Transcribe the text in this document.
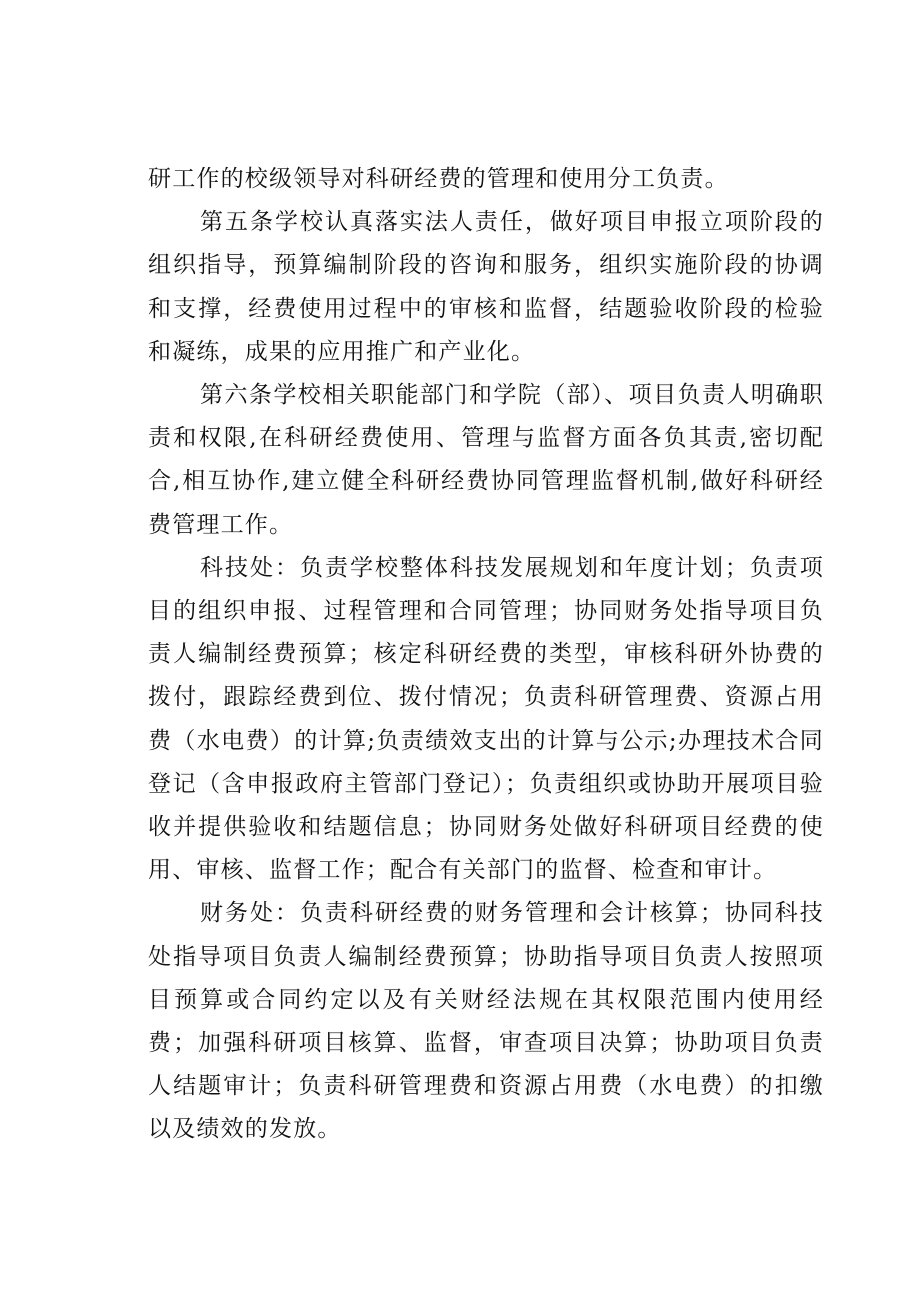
研工作的校级领导对科研经费的管理和使用分工负责。

第五条学校认真落实法人责任，做好项目申报立项阶段的组织指导，预算编制阶段的咨询和服务，组织实施阶段的协调和支撑，经费使用过程中的审核和监督，结题验收阶段的检验和凝练，成果的应用推广和产业化。

第六条学校相关职能部门和学院（部）、项目负责人明确职责和权限,在科研经费使用、管理与监督方面各负其责,密切配合,相互协作,建立健全科研经费协同管理监督机制,做好科研经费管理工作。

科技处：负责学校整体科技发展规划和年度计划；负责项目的组织申报、过程管理和合同管理；协同财务处指导项目负责人编制经费预算；核定科研经费的类型，审核科研外协费的拨付，跟踪经费到位、拨付情况；负责科研管理费、资源占用费（水电费）的计算;负责绩效支出的计算与公示;办理技术合同登记（含申报政府主管部门登记）；负责组织或协助开展项目验收并提供验收和结题信息；协同财务处做好科研项目经费的使用、审核、监督工作；配合有关部门的监督、检查和审计。

财务处：负责科研经费的财务管理和会计核算；协同科技处指导项目负责人编制经费预算；协助指导项目负责人按照项目预算或合同约定以及有关财经法规在其权限范围内使用经费；加强科研项目核算、监督，审查项目决算；协助项目负责人结题审计；负责科研管理费和资源占用费（水电费）的扣缴以及绩效的发放。
